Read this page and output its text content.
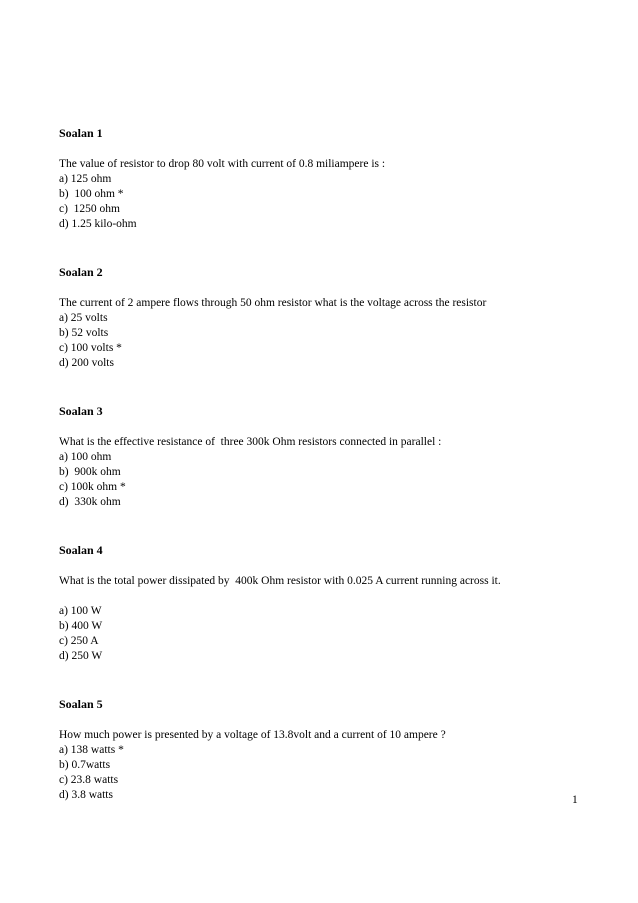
Soalan 1
The value of resistor to drop 80 volt with current of 0.8 miliampere is :
a) 125 ohm
b)  100 ohm *
c)  1250 ohm
d) 1.25 kilo-ohm
Soalan 2
The current of 2 ampere flows through 50 ohm resistor what is the voltage across the resistor
a) 25 volts
b) 52 volts
c) 100 volts *
d) 200 volts
Soalan 3
What is the effective resistance of  three 300k Ohm resistors connected in parallel :
a) 100 ohm
b)  900k ohm
c) 100k ohm *
d)  330k ohm
Soalan 4
What is the total power dissipated by  400k Ohm resistor with 0.025 A current running across it.
a) 100 W
b) 400 W
c) 250 A
d) 250 W
Soalan 5
How much power is presented by a voltage of 13.8volt and a current of 10 ampere ?
a) 138 watts *
b) 0.7watts
c) 23.8 watts
d) 3.8 watts	1
